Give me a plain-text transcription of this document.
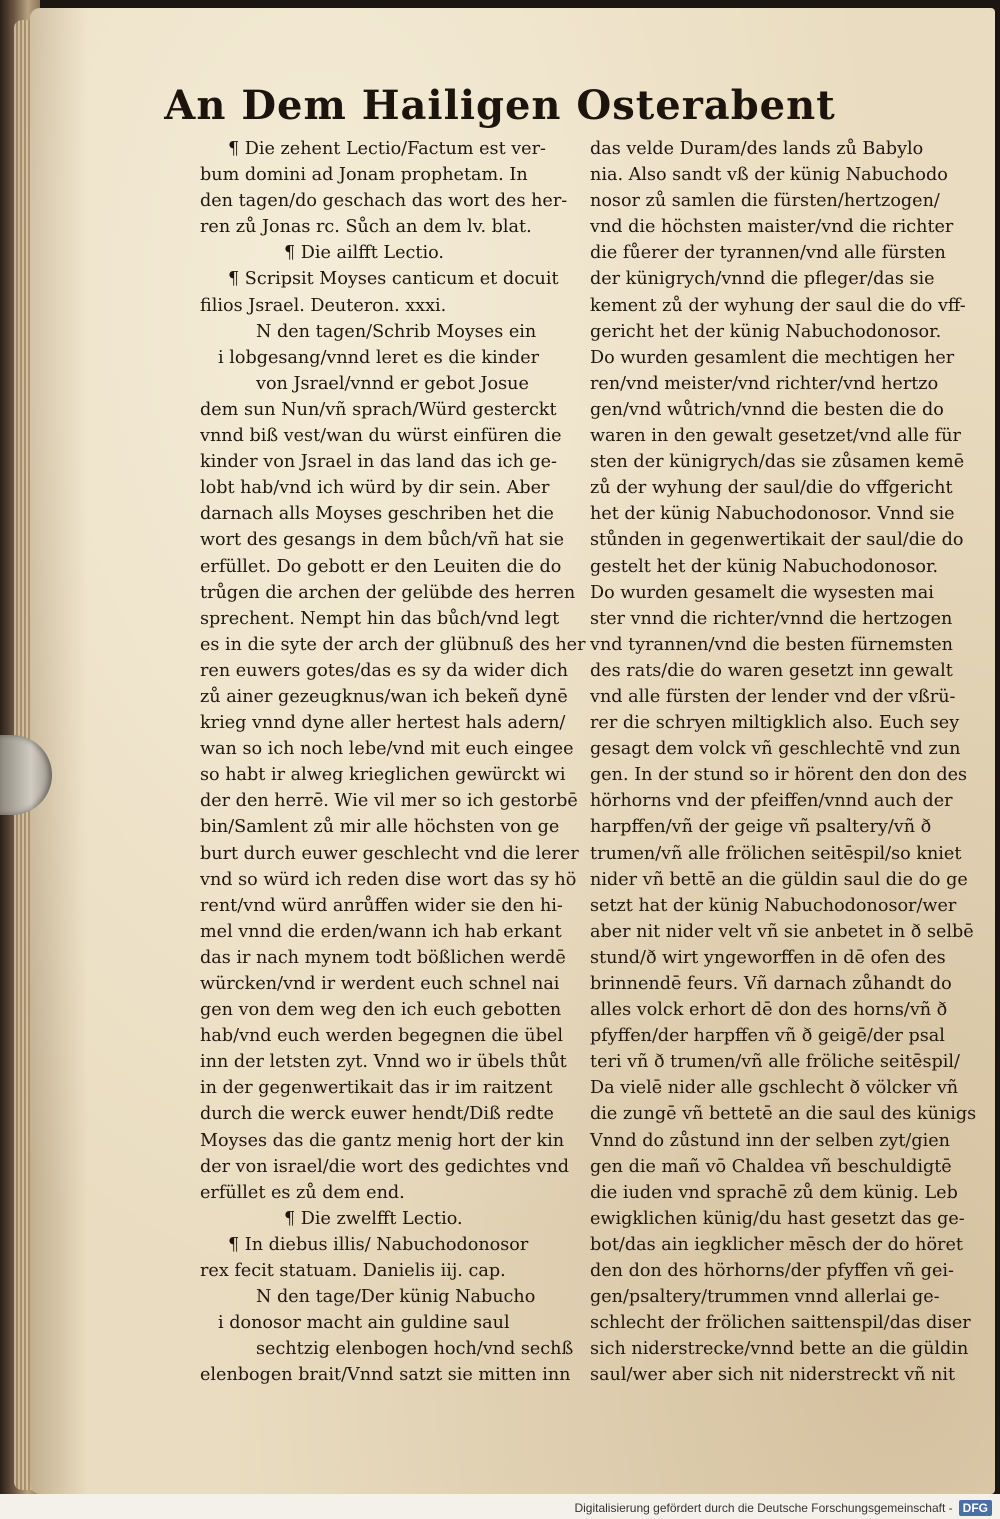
An Dem Hailigen Osterabent
¶ Die zehent Lectio/Factum est ver-
bum domini ad Jonam prophetam. In
den tagen/do geschach das wort des her-
ren zů Jonas rc. Sůch an dem lv. blat.
¶ Die ailfft Lectio.
¶ Scripsit Moyses canticum et docuit
filios Jsrael. Deuteron. xxxi.
N den tagen/Schrib Moyses ein
i lobgesang/vnnd leret es die kinder
von Jsrael/vnnd er gebot Josue
dem sun Nun/vñ sprach/Würd gesterckt
vnnd biß vest/wan du würst einfüren die
kinder von Jsrael in das land das ich ge-
lobt hab/vnd ich würd by dir sein. Aber
darnach alls Moyses geschriben het die
wort des gesangs in dem bůch/vñ hat sie
erfüllet. Do gebott er den Leuiten die do
trůgen die archen der gelübde des herren
sprechent. Nempt hin das bůch/vnd legt
es in die syte der arch der glübnuß des her
ren euwers gotes/das es sy da wider dich
zů ainer gezeugknus/wan ich bekeñ dynē
krieg vnnd dyne aller hertest hals adern/
wan so ich noch lebe/vnd mit euch eingee
so habt ir alweg krieglichen gewürckt wi
der den herrē. Wie vil mer so ich gestorbē
bin/Samlent zů mir alle höchsten von ge
burt durch euwer geschlecht vnd die lerer
vnd so würd ich reden dise wort das sy hö
rent/vnd würd anrůffen wider sie den hi-
mel vnnd die erden/wann ich hab erkant
das ir nach mynem todt bößlichen werdē
würcken/vnd ir werdent euch schnel nai
gen von dem weg den ich euch gebotten
hab/vnd euch werden begegnen die übel
inn der letsten zyt. Vnnd wo ir übels thůt
in der gegenwertikait das ir im raitzent
durch die werck euwer hendt/Diß redte
Moyses das die gantz menig hort der kin
der von israel/die wort des gedichtes vnd
erfüllet es zů dem end.
¶ Die zwelfft Lectio.
¶ In diebus illis/ Nabuchodonosor
rex fecit statuam. Danielis iij. cap.
N den tage/Der künig Nabucho
i donosor macht ain guldine saul
sechtzig elenbogen hoch/vnd sechß
elenbogen brait/Vnnd satzt sie mitten inn
das velde Duram/des lands zů Babylo
nia. Also sandt vß der künig Nabuchodo
nosor zů samlen die fürsten/hertzogen/
vnd die höchsten maister/vnd die richter
die fůerer der tyrannen/vnd alle fürsten
der künigrych/vnnd die pfleger/das sie
kement zů der wyhung der saul die do vff-
gericht het der künig Nabuchodonosor.
Do wurden gesamlent die mechtigen her
ren/vnd meister/vnd richter/vnd hertzo
gen/vnd wůtrich/vnnd die besten die do
waren in den gewalt gesetzet/vnd alle für
sten der künigrych/das sie zůsamen kemē
zů der wyhung der saul/die do vffgericht
het der künig Nabuchodonosor. Vnnd sie
stůnden in gegenwertikait der saul/die do
gestelt het der künig Nabuchodonosor.
Do wurden gesamelt die wysesten mai
ster vnnd die richter/vnnd die hertzogen
vnd tyrannen/vnd die besten fürnemsten
des rats/die do waren gesetzt inn gewalt
vnd alle fürsten der lender vnd der vßrü-
rer die schryen miltigklich also. Euch sey
gesagt dem volck vñ geschlechtē vnd zun
gen. In der stund so ir hörent den don des
hörhorns vnd der pfeiffen/vnnd auch der
harpffen/vñ der geige vñ psaltery/vñ ð
trumen/vñ alle frölichen seitēspil/so kniet
nider vñ bettē an die güldin saul die do ge
setzt hat der künig Nabuchodonosor/wer
aber nit nider velt vñ sie anbetet in ð selbē
stund/ð wirt yngeworffen in dē ofen des
brinnendē feurs. Vñ darnach zůhandt do
alles volck erhort dē don des horns/vñ ð
pfyffen/der harpffen vñ ð geigē/der psal
teri vñ ð trumen/vñ alle fröliche seitēspil/
Da vielē nider alle gschlecht ð völcker vñ
die zungē vñ bettetē an die saul des künigs
Vnnd do zůstund inn der selben zyt/gien
gen die mañ vō Chaldea vñ beschuldigtē
die iuden vnd sprachē zů dem künig. Leb
ewigklichen künig/du hast gesetzt das ge-
bot/das ain iegklicher mēsch der do höret
den don des hörhorns/der pfyffen vñ gei-
gen/psaltery/trummen vnnd allerlai ge-
schlecht der frölichen saittenspil/das diser
sich niderstrecke/vnnd bette an die güldin
saul/wer aber sich nit niderstreckt vñ nit
Digitalisierung gefördert durch die Deutsche Forschungsgemeinschaft - DFG
